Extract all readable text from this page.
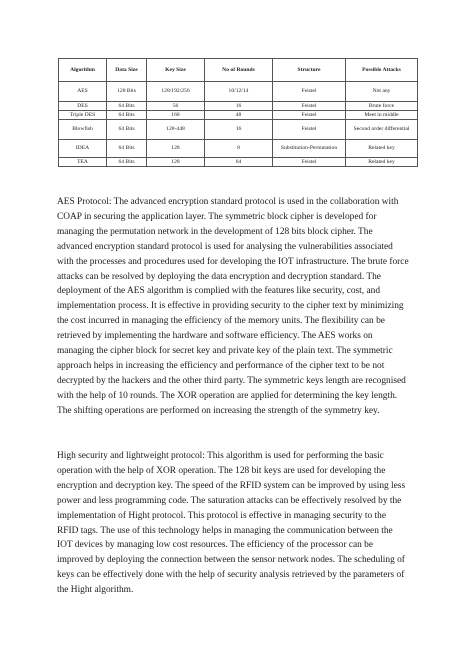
Algorithm	Data Size	Key Size	No of Rounds	Structure	Possible Attacks
AES	128 Bits	128/192/256	10/12/14	Feistel	Not any
DES	64 Bits	56	16	Feistel	Brute force
Triple DES	64 Bits	168	48	Feistel	Meet in middle
Blowfish	64 Bits	128-448	16	Feistel	Second order differential
IDEA	64 Bits	128	8	Substitution-Permutation	Related key
TEA	64 Bits	128	64	Feistel	Related key

AES Protocol: The advanced encryption standard protocol is used in the collaboration with
COAP in securing the application layer. The symmetric block cipher is developed for
managing the permutation network in the development of 128 bits block cipher. The
advanced encryption standard protocol is used for analysing the vulnerabilities associated
with the processes and procedures used for developing the IOT infrastructure. The brute force
attacks can be resolved by deploying the data encryption and decryption standard. The
deployment of the AES algorithm is complied with the features like security, cost, and
implementation process. It is effective in providing security to the cipher text by minimizing
the cost incurred in managing the efficiency of the memory units. The flexibility can be
retrieved by implementing the hardware and software efficiency. The AES works on
managing the cipher block for secret key and private key of the plain text. The symmetric
approach helps in increasing the efficiency and performance of the cipher text to be not
decrypted by the hackers and the other third party. The symmetric keys length are recognised
with the help of 10 rounds. The XOR operation are applied for determining the key length.
The shifting operations are performed on increasing the strength of the symmetry key.

High security and lightweight protocol: This algorithm is used for performing the basic
operation with the help of XOR operation. The 128 bit keys are used for developing the
encryption and decryption key. The speed of the RFID system can be improved by using less
power and less programming code. The saturation attacks can be effectively resolved by the
implementation of Hight protocol. This protocol is effective in managing security to the
RFID tags. The use of this technology helps in managing the communication between the
IOT devices by managing low cost resources. The efficiency of the processor can be
improved by deploying the connection between the sensor network nodes. The scheduling of
keys can be effectively done with the help of security analysis retrieved by the parameters of
the Hight algorithm.
